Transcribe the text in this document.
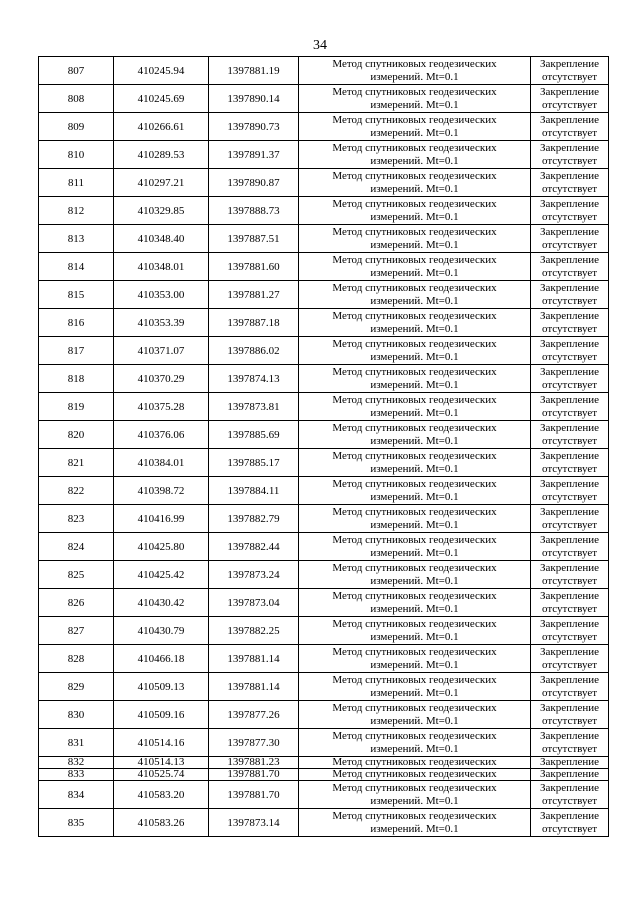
34
807	410245.94	1397881.19	Метод спутниковых геодезических
измерений. Mt=0.1	Закрепление
отсутствует

808	410245.69	1397890.14	Метод спутниковых геодезических
измерений. Mt=0.1	Закрепление
отсутствует

809	410266.61	1397890.73	Метод спутниковых геодезических
измерений. Mt=0.1	Закрепление
отсутствует

810	410289.53	1397891.37	Метод спутниковых геодезических
измерений. Mt=0.1	Закрепление
отсутствует

811	410297.21	1397890.87	Метод спутниковых геодезических
измерений. Mt=0.1	Закрепление
отсутствует

812	410329.85	1397888.73	Метод спутниковых геодезических
измерений. Mt=0.1	Закрепление
отсутствует

813	410348.40	1397887.51	Метод спутниковых геодезических
измерений. Mt=0.1	Закрепление
отсутствует

814	410348.01	1397881.60	Метод спутниковых геодезических
измерений. Mt=0.1	Закрепление
отсутствует

815	410353.00	1397881.27	Метод спутниковых геодезических
измерений. Mt=0.1	Закрепление
отсутствует

816	410353.39	1397887.18	Метод спутниковых геодезических
измерений. Mt=0.1	Закрепление
отсутствует

817	410371.07	1397886.02	Метод спутниковых геодезических
измерений. Mt=0.1	Закрепление
отсутствует

818	410370.29	1397874.13	Метод спутниковых геодезических
измерений. Mt=0.1	Закрепление
отсутствует

819	410375.28	1397873.81	Метод спутниковых геодезических
измерений. Mt=0.1	Закрепление
отсутствует

820	410376.06	1397885.69	Метод спутниковых геодезических
измерений. Mt=0.1	Закрепление
отсутствует

821	410384.01	1397885.17	Метод спутниковых геодезических
измерений. Mt=0.1	Закрепление
отсутствует

822	410398.72	1397884.11	Метод спутниковых геодезических
измерений. Mt=0.1	Закрепление
отсутствует

823	410416.99	1397882.79	Метод спутниковых геодезических
измерений. Mt=0.1	Закрепление
отсутствует

824	410425.80	1397882.44	Метод спутниковых геодезических
измерений. Mt=0.1	Закрепление
отсутствует

825	410425.42	1397873.24	Метод спутниковых геодезических
измерений. Mt=0.1	Закрепление
отсутствует

826	410430.42	1397873.04	Метод спутниковых геодезических
измерений. Mt=0.1	Закрепление
отсутствует

827	410430.79	1397882.25	Метод спутниковых геодезических
измерений. Mt=0.1	Закрепление
отсутствует

828	410466.18	1397881.14	Метод спутниковых геодезических
измерений. Mt=0.1	Закрепление
отсутствует

829	410509.13	1397881.14	Метод спутниковых геодезических
измерений. Mt=0.1	Закрепление
отсутствует

830	410509.16	1397877.26	Метод спутниковых геодезических
измерений. Mt=0.1	Закрепление
отсутствует

831	410514.16	1397877.30	Метод спутниковых геодезических
измерений. Mt=0.1	Закрепление
отсутствует

832	410514.13	1397881.23	Метод спутниковых геодезических	Закрепление

833	410525.74	1397881.70	Метод спутниковых геодезических	Закрепление

834	410583.20	1397881.70	Метод спутниковых геодезических
измерений. Mt=0.1	Закрепление
отсутствует

835	410583.26	1397873.14	Метод спутниковых геодезических
измерений. Mt=0.1	Закрепление
отсутствует
